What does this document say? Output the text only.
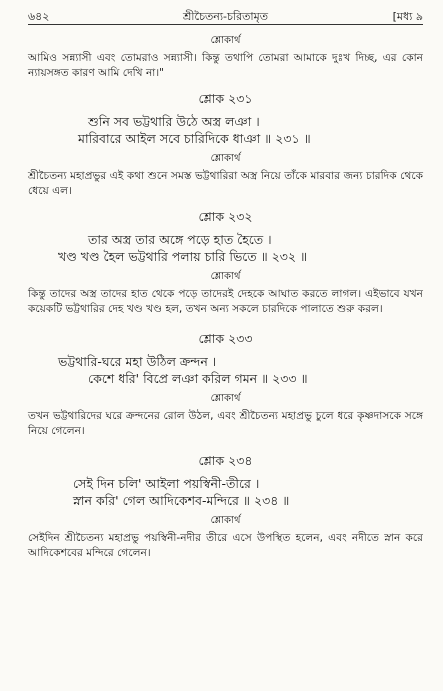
৬৪২	শ্রীচৈতন্য-চরিতামৃত	[মধ্য ৯
শ্লোকার্থ

আমিও সন্ন্যাসী এবং তোমরাও সন্ন্যাসী। কিন্তু তথাপি তোমরা আমাকে দুঃখ দিচ্ছ, এর কোন ন্যায়সঙ্গত কারণ আমি দেখি না।"

শ্লোক ২৩১
শুনি সব ভট্টথারি উঠে অস্ত্র লঞা ।
মারিবারে আইল সবে চারিদিকে ধাঞা ॥ ২৩১ ॥
শ্লোকার্থ

শ্রীচৈতন্য মহাপ্রভুর এই কথা শুনে সমস্ত ভট্টথারিরা অস্ত্র নিয়ে তাঁকে মারবার জন্য চারদিক থেকে ধেয়ে এল।

শ্লোক ২৩২
তার অস্ত্র তার অঙ্গে পড়ে হাত হৈতে ।
খণ্ড খণ্ড হৈল ভট্টথারি পলায় চারি ভিতে ॥ ২৩২ ॥
শ্লোকার্থ

কিন্তু তাদের অস্ত্র তাদের হাত থেকে পড়ে তাদেরই দেহকে আঘাত করতে লাগল। এইভাবে যখন কয়েকটি ভট্টথারির দেহ খণ্ড খণ্ড হল, তখন অন্য সকলে চারদিকে পালাতে শুরু করল।

শ্লোক ২৩৩
ভট্টথারি-ঘরে মহা উঠিল ক্রন্দন ।
কেশে ধরি' বিপ্রে লঞা করিল গমন ॥ ২৩৩ ॥
শ্লোকার্থ

তখন ভট্টথারিদের ঘরে ক্রন্দনের রোল উঠল, এবং শ্রীচৈতন্য মহাপ্রভু চুলে ধরে কৃষ্ণদাসকে সঙ্গে নিয়ে গেলেন।

শ্লোক ২৩৪
সেই দিন চলি' আইলা পয়স্বিনী-তীরে ।
স্নান করি' গেল আদিকেশব-মন্দিরে ॥ ২৩৪ ॥
শ্লোকার্থ

সেইদিন শ্রীচৈতন্য মহাপ্রভু পয়স্বিনী-নদীর তীরে এসে উপস্থিত হলেন, এবং নদীতে স্নান করে আদিকেশবের মন্দিরে গেলেন।
